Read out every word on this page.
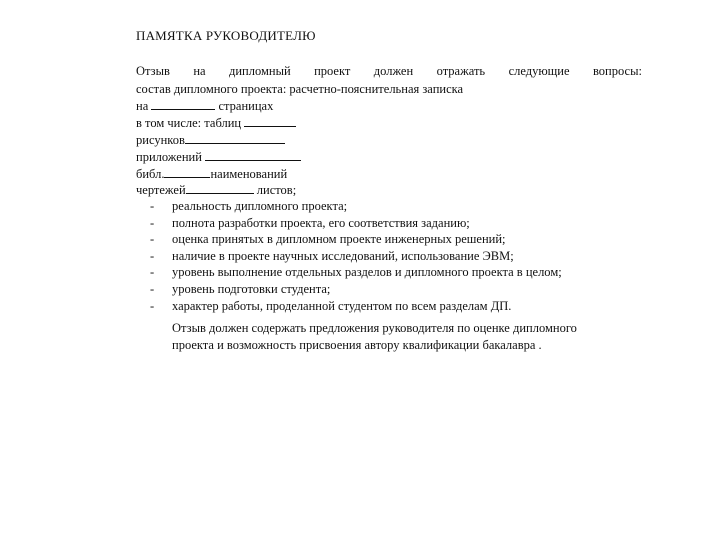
ПАМЯТКА РУКОВОДИТЕЛЮ
Отзыв на дипломный проект должен отражать следующие вопросы:
состав дипломного проекта: расчетно-пояснительная записка
на	страницах
в том числе: таблиц
рисунков
приложений
библ.	наименований
чертежей	листов;
-	реальность дипломного проекта;
-	полнота разработки проекта, его соответствия заданию;
-	оценка принятых в дипломном проекте инженерных решений;
-	наличие в проекте научных исследований, использование ЭВМ;
-	уровень выполнение отдельных разделов и дипломного проекта в целом;
-	уровень подготовки студента;
-	характер работы, проделанной студентом по всем разделам ДП.
Отзыв должен содержать предложения руководителя по оценке дипломного
проекта и возможность присвоения автору квалификации бакалавра .
